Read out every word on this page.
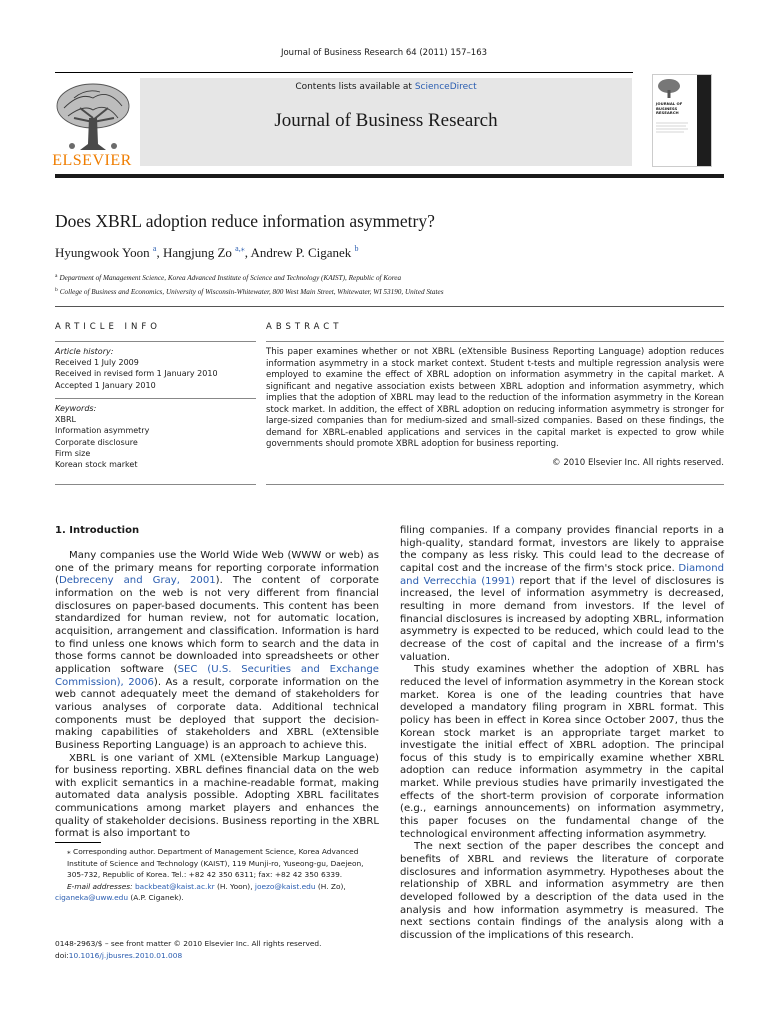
Journal of Business Research 64 (2011) 157–163
ELSEVIER
Contents lists available at ScienceDirect
Journal of Business Research
JOURNAL OF BUSINESS RESEARCH
Does XBRL adoption reduce information asymmetry?
Hyungwook Yoon $^a$, Hangjung Zo $^{a,⁎}$, Andrew P. Ciganek $^b$
$^a$ Department of Management Science, Korea Advanced Institute of Science and Technology (KAIST), Republic of Korea
$^b$ College of Business and Economics, University of Wisconsin-Whitewater, 800 West Main Street, Whitewater, WI 53190, United States
ARTICLE INFO	ABSTRACT
Article history:
Received 1 July 2009
Received in revised form 1 January 2010
Accepted 1 January 2010
Keywords:
XBRL
Information asymmetry
Corporate disclosure
Firm size
Korean stock market
This paper examines whether or not XBRL (eXtensible Business Reporting Language) adoption reduces information asymmetry in a stock market context. Student t-tests and multiple regression analysis were employed to examine the effect of XBRL adoption on information asymmetry in the capital market. A significant and negative association exists between XBRL adoption and information asymmetry, which implies that the adoption of XBRL may lead to the reduction of the information asymmetry in the Korean stock market. In addition, the effect of XBRL adoption on reducing information asymmetry is stronger for large-sized companies than for medium-sized and small-sized companies. Based on these findings, the demand for XBRL-enabled applications and services in the capital market is expected to grow while governments should promote XBRL adoption for business reporting.
© 2010 Elsevier Inc. All rights reserved.
1. Introduction

Many companies use the World Wide Web (WWW or web) as one of the primary means for reporting corporate information (Debreceny and Gray, 2001). The content of corporate information on the web is not very different from financial disclosures on paper-based documents. This content has been standardized for human review, not for automatic location, acquisition, arrangement and classification. Information is hard to find unless one knows which form to search and the data in those forms cannot be downloaded into spreadsheets or other application software (SEC (U.S. Securities and Exchange Commission), 2006). As a result, corporate information on the web cannot adequately meet the demand of stakeholders for various analyses of corporate data. Additional technical components must be deployed that support the decision-making capabilities of stakeholders and XBRL (eXtensible Business Reporting Language) is an approach to achieve this.

XBRL is one variant of XML (eXtensible Markup Language) for business reporting. XBRL defines financial data on the web with explicit semantics in a machine-readable format, making automated data analysis possible. Adopting XBRL facilitates communications among market players and enhances the quality of stakeholder decisions. Business reporting in the XBRL format is also important to

filing companies. If a company provides financial reports in a high-quality, standard format, investors are likely to appraise the company as less risky. This could lead to the decrease of capital cost and the increase of the firm's stock price. Diamond and Verrecchia (1991) report that if the level of disclosures is increased, the level of information asymmetry is decreased, resulting in more demand from investors. If the level of financial disclosures is increased by adopting XBRL, information asymmetry is expected to be reduced, which could lead to the decrease of the cost of capital and the increase of a firm's valuation.

This study examines whether the adoption of XBRL has reduced the level of information asymmetry in the Korean stock market. Korea is one of the leading countries that have developed a mandatory filing program in XBRL format. This policy has been in effect in Korea since October 2007, thus the Korean stock market is an appropriate target market to investigate the initial effect of XBRL adoption. The principal focus of this study is to empirically examine whether XBRL adoption can reduce information asymmetry in the capital market. While previous studies have primarily investigated the effects of the short-term provision of corporate information (e.g., earnings announcements) on information asymmetry, this paper focuses on the fundamental change of the technological environment affecting information asymmetry.

The next section of the paper describes the concept and benefits of XBRL and reviews the literature of corporate disclosures and information asymmetry. Hypotheses about the relationship of XBRL and information asymmetry are then developed followed by a description of the data used in the analysis and how information asymmetry is measured. The next sections contain findings of the analysis along with a discussion of the implications of this research.

⁎ Corresponding author. Department of Management Science, Korea Advanced Institute of Science and Technology (KAIST), 119 Munji-ro, Yuseong-gu, Daejeon, 305-732, Republic of Korea. Tel.: +82 42 350 6311; fax: +82 42 350 6339.
E-mail addresses: backbeat@kaist.ac.kr (H. Yoon), joezo@kaist.edu (H. Zo),
ciganeka@uww.edu (A.P. Ciganek).
0148-2963/$ – see front matter © 2010 Elsevier Inc. All rights reserved.
doi:10.1016/j.jbusres.2010.01.008
